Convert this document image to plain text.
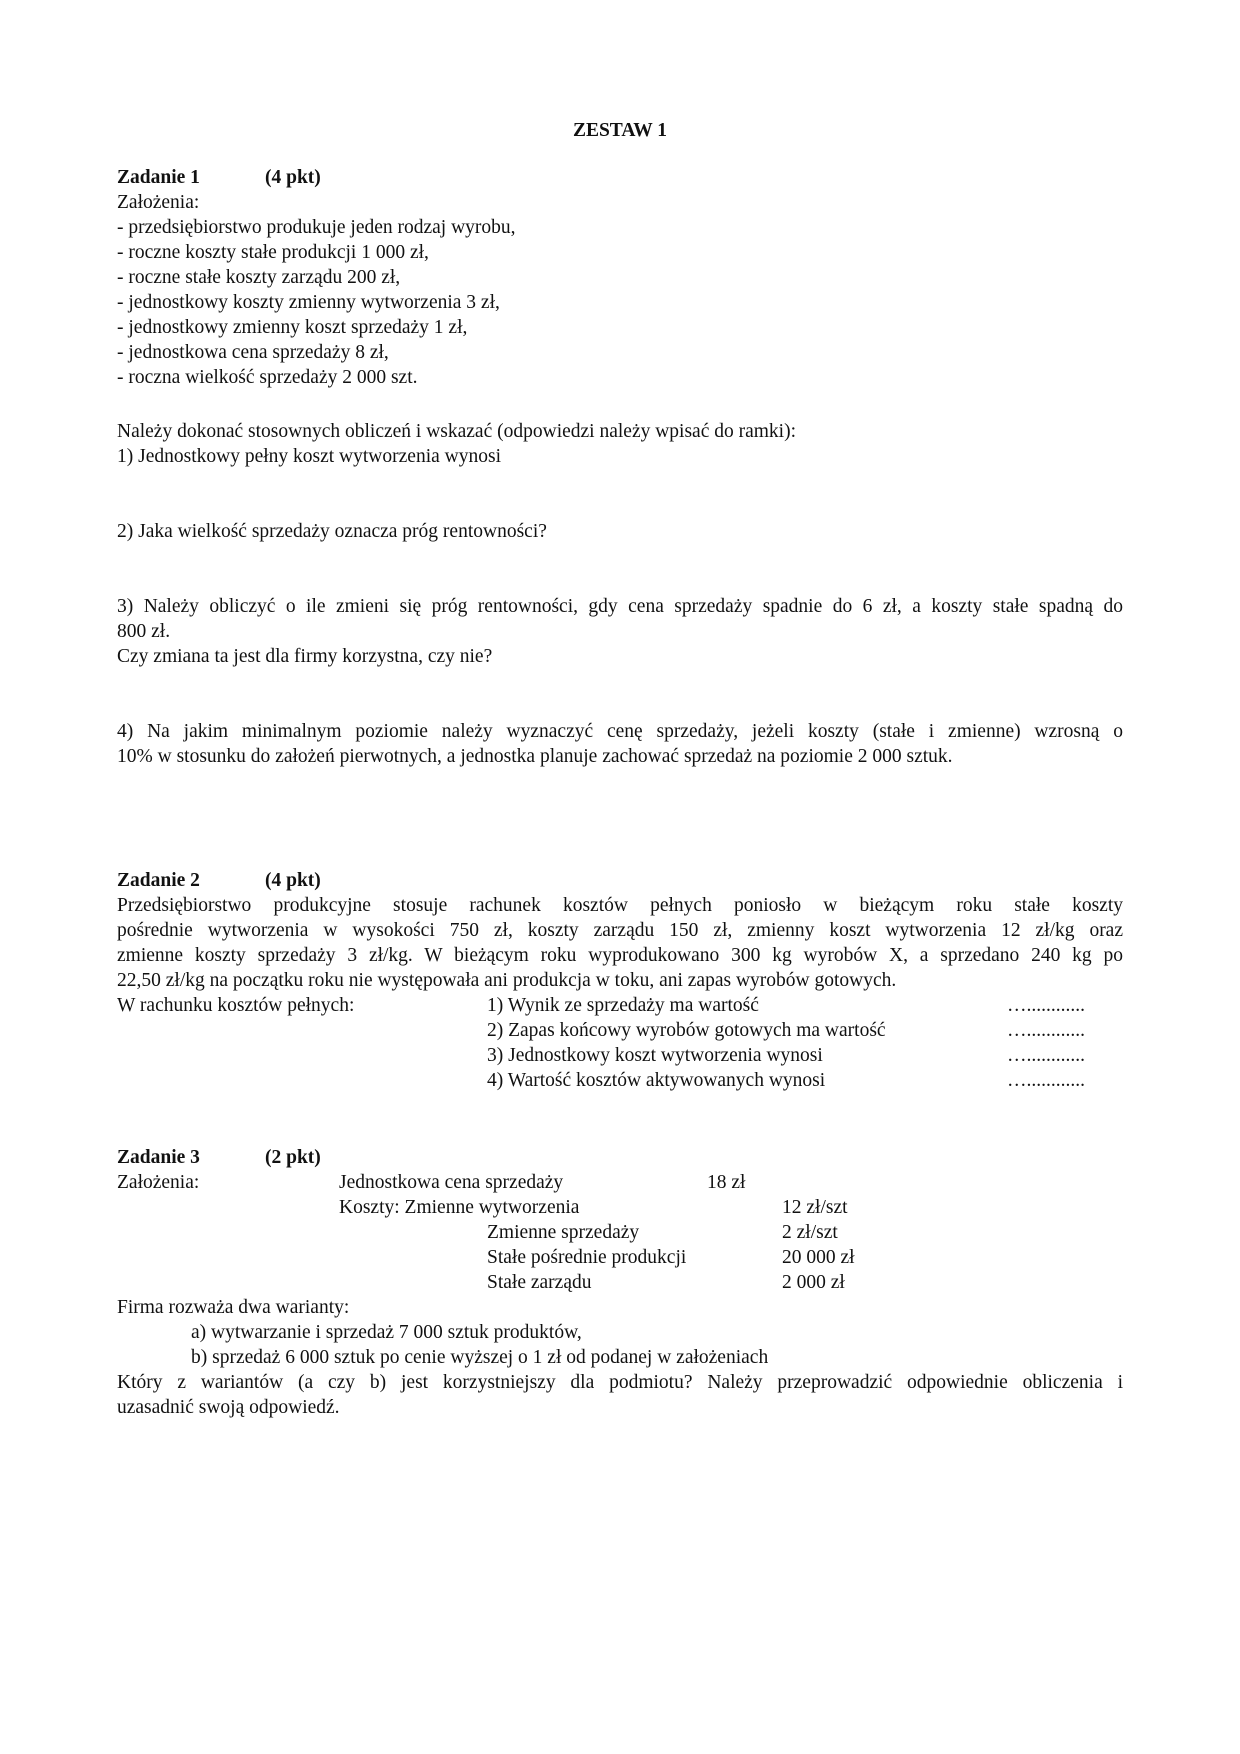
ZESTAW 1
Zadanie 1	(4 pkt)
Założenia:
- przedsiębiorstwo produkuje jeden rodzaj wyrobu,
- roczne koszty stałe produkcji 1 000 zł,
- roczne stałe koszty zarządu 200 zł,
- jednostkowy koszty zmienny wytworzenia 3 zł,
- jednostkowy zmienny koszt sprzedaży 1 zł,
- jednostkowa cena sprzedaży 8 zł,
- roczna wielkość sprzedaży 2 000 szt.
Należy dokonać stosownych obliczeń i wskazać (odpowiedzi należy wpisać do ramki):
1) Jednostkowy pełny koszt wytworzenia wynosi
2) Jaka wielkość sprzedaży oznacza próg rentowności?
3) Należy obliczyć o ile zmieni się próg rentowności, gdy cena sprzedaży spadnie do 6 zł, a koszty stałe spadną do
800 zł.
Czy zmiana ta jest dla firmy korzystna, czy nie?
4) Na jakim minimalnym poziomie należy wyznaczyć cenę sprzedaży, jeżeli koszty (stałe i zmienne) wzrosną o
10% w stosunku do założeń pierwotnych, a jednostka planuje zachować sprzedaż na poziomie 2 000 sztuk.
Zadanie 2	(4 pkt)
Przedsiębiorstwo produkcyjne stosuje rachunek kosztów pełnych poniosło w bieżącym roku stałe koszty
pośrednie wytworzenia w wysokości 750 zł, koszty zarządu 150 zł, zmienny koszt wytworzenia 12 zł/kg oraz
zmienne koszty sprzedaży 3 zł/kg. W bieżącym roku wyprodukowano 300 kg wyrobów X, a sprzedano 240 kg po
22,50 zł/kg na początku roku nie występowała ani produkcja w toku, ani zapas wyrobów gotowych.
W rachunku kosztów pełnych:	1) Wynik ze sprzedaży ma wartość	…............
2) Zapas końcowy wyrobów gotowych ma wartość	…............
3) Jednostkowy koszt wytworzenia wynosi	…............
4) Wartość kosztów aktywowanych wynosi	…............
Zadanie 3	(2 pkt)
Założenia:	Jednostkowa cena sprzedaży	18 zł
Koszty: Zmienne wytworzenia	12 zł/szt
Zmienne sprzedaży	2 zł/szt
Stałe pośrednie produkcji	20 000 zł
Stałe zarządu	2 000 zł
Firma rozważa dwa warianty:
a) wytwarzanie i sprzedaż 7 000 sztuk produktów,
b) sprzedaż 6 000 sztuk po cenie wyższej o 1 zł od podanej w założeniach
Który z wariantów (a czy b) jest korzystniejszy dla podmiotu? Należy przeprowadzić odpowiednie obliczenia i
uzasadnić swoją odpowiedź.
